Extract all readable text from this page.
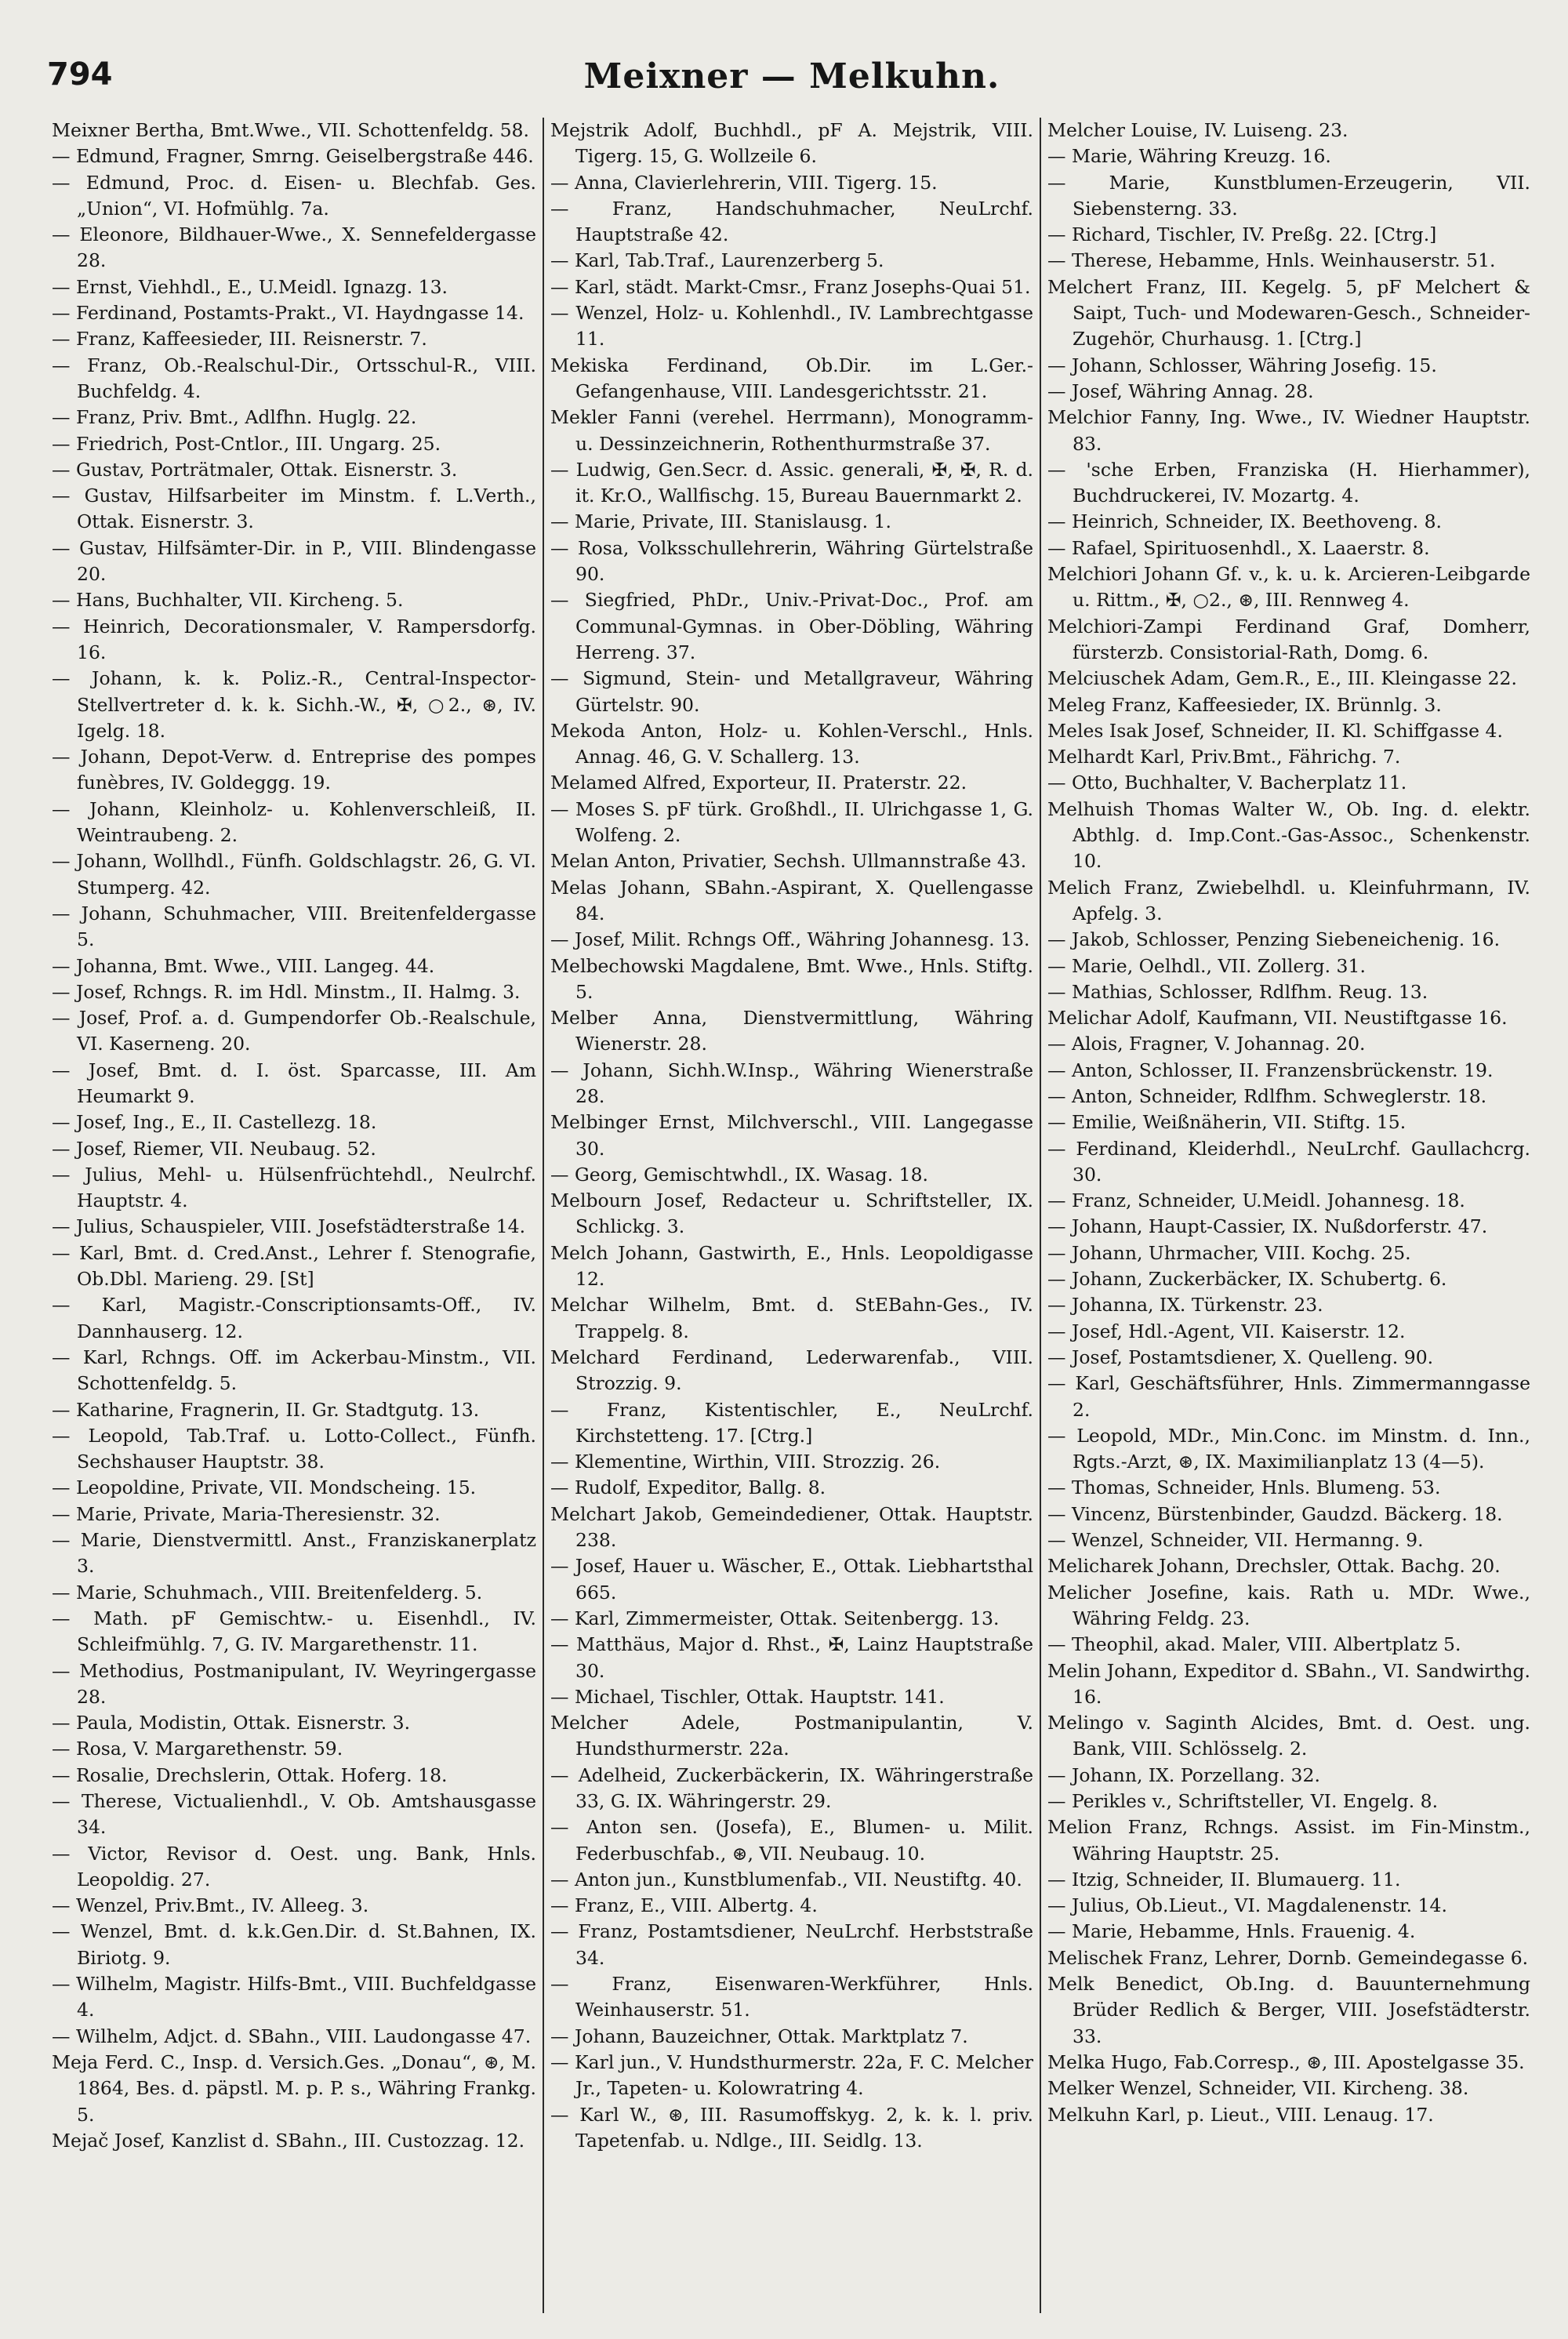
794	Meixner — Melkuhn.

Meixner Bertha, Bmt.Wwe., VII. Schottenfeldg. 58.

— Edmund, Fragner, Smrng. Geiselbergstraße 446.

— Edmund, Proc. d. Eisen- u. Blechfab. Ges. „Union“, VI. Hofmühlg. 7a.

— Eleonore, Bildhauer-Wwe., X. Sennefeldergasse 28.

— Ernst, Viehhdl., E., U.Meidl. Ignazg. 13.

— Ferdinand, Postamts-Prakt., VI. Haydngasse 14.

— Franz, Kaffeesieder, III. Reisnerstr. 7.

— Franz, Ob.-Realschul-Dir., Ortsschul-R., VIII. Buchfeldg. 4.

— Franz, Priv. Bmt., Adlfhn. Huglg. 22.

— Friedrich, Post-Cntlor., III. Ungarg. 25.

— Gustav, Porträtmaler, Ottak. Eisnerstr. 3.

— Gustav, Hilfsarbeiter im Minstm. f. L.Verth., Ottak. Eisnerstr. 3.

— Gustav, Hilfsämter-Dir. in P., VIII. Blindengasse 20.

— Hans, Buchhalter, VII. Kircheng. 5.

— Heinrich, Decorationsmaler, V. Rampersdorfg. 16.

— Johann, k. k. Poliz.-R., Central-Inspector-Stellvertreter d. k. k. Sichh.-W., ✠, ○2., ⊛, IV. Igelg. 18.

— Johann, Depot-Verw. d. Entreprise des pompes funèbres, IV. Goldeggg. 19.

— Johann, Kleinholz- u. Kohlenverschleiß, II. Weintraubeng. 2.

— Johann, Wollhdl., Fünfh. Goldschlagstr. 26, G. VI. Stumperg. 42.

— Johann, Schuhmacher, VIII. Breitenfeldergasse 5.

— Johanna, Bmt. Wwe., VIII. Langeg. 44.

— Josef, Rchngs. R. im Hdl. Minstm., II. Halmg. 3.

— Josef, Prof. a. d. Gumpendorfer Ob.-Realschule, VI. Kaserneng. 20.

— Josef, Bmt. d. I. öst. Sparcasse, III. Am Heumarkt 9.

— Josef, Ing., E., II. Castellezg. 18.

— Josef, Riemer, VII. Neubaug. 52.

— Julius, Mehl- u. Hülsenfrüchtehdl., Neulrchf. Hauptstr. 4.

— Julius, Schauspieler, VIII. Josefstädterstraße 14.

— Karl, Bmt. d. Cred.Anst., Lehrer f. Stenografie, Ob.Dbl. Marieng. 29. [St]

— Karl, Magistr.-Conscriptionsamts-Off., IV. Dannhauserg. 12.

— Karl, Rchngs. Off. im Ackerbau-Minstm., VII. Schottenfeldg. 5.

— Katharine, Fragnerin, II. Gr. Stadtgutg. 13.

— Leopold, Tab.Traf. u. Lotto-Collect., Fünfh. Sechshauser Hauptstr. 38.

— Leopoldine, Private, VII. Mondscheing. 15.

— Marie, Private, Maria-Theresienstr. 32.

— Marie, Dienstvermittl. Anst., Franziskanerplatz 3.

— Marie, Schuhmach., VIII. Breitenfelderg. 5.

— Math. pF Gemischtw.- u. Eisenhdl., IV. Schleifmühlg. 7, G. IV. Margarethenstr. 11.

— Methodius, Postmanipulant, IV. Weyringergasse 28.

— Paula, Modistin, Ottak. Eisnerstr. 3.

— Rosa, V. Margarethenstr. 59.

— Rosalie, Drechslerin, Ottak. Hoferg. 18.

— Therese, Victualienhdl., V. Ob. Amtshausgasse 34.

— Victor, Revisor d. Oest. ung. Bank, Hnls. Leopoldig. 27.

— Wenzel, Priv.Bmt., IV. Alleeg. 3.

— Wenzel, Bmt. d. k.k.Gen.Dir. d. St.Bahnen, IX. Biriotg. 9.

— Wilhelm, Magistr. Hilfs-Bmt., VIII. Buchfeldgasse 4.

— Wilhelm, Adjct. d. SBahn., VIII. Laudongasse 47.

Meja Ferd. C., Insp. d. Versich.Ges. „Donau“, ⊛, M. 1864, Bes. d. päpstl. M. p. P. s., Währing Frankg. 5.

Mejač Josef, Kanzlist d. SBahn., III. Custozzag. 12.

Mejstrik Adolf, Buchhdl., pF A. Mejstrik, VIII. Tigerg. 15, G. Wollzeile 6.

— Anna, Clavierlehrerin, VIII. Tigerg. 15.

— Franz, Handschuhmacher, NeuLrchf. Hauptstraße 42.

— Karl, Tab.Traf., Laurenzerberg 5.

— Karl, städt. Markt-Cmsr., Franz Josephs-Quai 51.

— Wenzel, Holz- u. Kohlenhdl., IV. Lambrechtgasse 11.

Mekiska Ferdinand, Ob.Dir. im L.Ger.-Gefangenhause, VIII. Landesgerichtsstr. 21.

Mekler Fanni (verehel. Herrmann), Monogramm- u. Dessinzeichnerin, Rothenthurmstraße 37.

— Ludwig, Gen.Secr. d. Assic. generali, ✠, ✠, R. d. it. Kr.O., Wallfischg. 15, Bureau Bauernmarkt 2.

— Marie, Private, III. Stanislausg. 1.

— Rosa, Volksschullehrerin, Währing Gürtelstraße 90.

— Siegfried, PhDr., Univ.-Privat-Doc., Prof. am Communal-Gymnas. in Ober-Döbling, Währing Herreng. 37.

— Sigmund, Stein- und Metallgraveur, Währing Gürtelstr. 90.

Mekoda Anton, Holz- u. Kohlen-Verschl., Hnls. Annag. 46, G. V. Schallerg. 13.

Melamed Alfred, Exporteur, II. Praterstr. 22.

— Moses S. pF türk. Großhdl., II. Ulrichgasse 1, G. Wolfeng. 2.

Melan Anton, Privatier, Sechsh. Ullmannstraße 43.

Melas Johann, SBahn.-Aspirant, X. Quellengasse 84.

— Josef, Milit. Rchngs Off., Währing Johannesg. 13.

Melbechowski Magdalene, Bmt. Wwe., Hnls. Stiftg. 5.

Melber Anna, Dienstvermittlung, Währing Wienerstr. 28.

— Johann, Sichh.W.Insp., Währing Wienerstraße 28.

Melbinger Ernst, Milchverschl., VIII. Langegasse 30.

— Georg, Gemischtwhdl., IX. Wasag. 18.

Melbourn Josef, Redacteur u. Schriftsteller, IX. Schlickg. 3.

Melch Johann, Gastwirth, E., Hnls. Leopoldigasse 12.

Melchar Wilhelm, Bmt. d. StEBahn-Ges., IV. Trappelg. 8.

Melchard Ferdinand, Lederwarenfab., VIII. Strozzig. 9.

— Franz, Kistentischler, E., NeuLrchf. Kirchstetteng. 17. [Ctrg.]

— Klementine, Wirthin, VIII. Strozzig. 26.

— Rudolf, Expeditor, Ballg. 8.

Melchart Jakob, Gemeindediener, Ottak. Hauptstr. 238.

— Josef, Hauer u. Wäscher, E., Ottak. Liebhartsthal 665.

— Karl, Zimmermeister, Ottak. Seitenbergg. 13.

— Matthäus, Major d. Rhst., ✠, Lainz Hauptstraße 30.

— Michael, Tischler, Ottak. Hauptstr. 141.

Melcher Adele, Postmanipulantin, V. Hundsthurmerstr. 22a.

— Adelheid, Zuckerbäckerin, IX. Währingerstraße 33, G. IX. Währingerstr. 29.

— Anton sen. (Josefa), E., Blumen- u. Milit. Federbuschfab., ⊛, VII. Neubaug. 10.

— Anton jun., Kunstblumenfab., VII. Neustiftg. 40.

— Franz, E., VIII. Albertg. 4.

— Franz, Postamtsdiener, NeuLrchf. Herbststraße 34.

— Franz, Eisenwaren-Werkführer, Hnls. Weinhauserstr. 51.

— Johann, Bauzeichner, Ottak. Marktplatz 7.

— Karl jun., V. Hundsthurmerstr. 22a, F. C. Melcher Jr., Tapeten- u. Kolowratring 4.

— Karl W., ⊛, III. Rasumoffskyg. 2, k. k. l. priv. Tapetenfab. u. Ndlge., III. Seidlg. 13.

Melcher Louise, IV. Luiseng. 23.

— Marie, Währing Kreuzg. 16.

— Marie, Kunstblumen-Erzeugerin, VII. Siebensterng. 33.

— Richard, Tischler, IV. Preßg. 22. [Ctrg.]

— Therese, Hebamme, Hnls. Weinhauserstr. 51.

Melchert Franz, III. Kegelg. 5, pF Melchert & Saipt, Tuch- und Modewaren-Gesch., Schneider-Zugehör, Churhausg. 1. [Ctrg.]

— Johann, Schlosser, Währing Josefig. 15.

— Josef, Währing Annag. 28.

Melchior Fanny, Ing. Wwe., IV. Wiedner Hauptstr. 83.

— 'sche Erben, Franziska (H. Hierhammer), Buchdruckerei, IV. Mozartg. 4.

— Heinrich, Schneider, IX. Beethoveng. 8.

— Rafael, Spirituosenhdl., X. Laaerstr. 8.

Melchiori Johann Gf. v., k. u. k. Arcieren-Leibgarde u. Rittm., ✠, ○2., ⊛, III. Rennweg 4.

Melchiori-Zampi Ferdinand Graf, Domherr, fürsterzb. Consistorial-Rath, Domg. 6.

Melciuschek Adam, Gem.R., E., III. Kleingasse 22.

Meleg Franz, Kaffeesieder, IX. Brünnlg. 3.

Meles Isak Josef, Schneider, II. Kl. Schiffgasse 4.

Melhardt Karl, Priv.Bmt., Fährichg. 7.

— Otto, Buchhalter, V. Bacherplatz 11.

Melhuish Thomas Walter W., Ob. Ing. d. elektr. Abthlg. d. Imp.Cont.-Gas-Assoc., Schenkenstr. 10.

Melich Franz, Zwiebelhdl. u. Kleinfuhrmann, IV. Apfelg. 3.

— Jakob, Schlosser, Penzing Siebeneichenig. 16.

— Marie, Oelhdl., VII. Zollerg. 31.

— Mathias, Schlosser, Rdlfhm. Reug. 13.

Melichar Adolf, Kaufmann, VII. Neustiftgasse 16.

— Alois, Fragner, V. Johannag. 20.

— Anton, Schlosser, II. Franzensbrückenstr. 19.

— Anton, Schneider, Rdlfhm. Schweglerstr. 18.

— Emilie, Weißnäherin, VII. Stiftg. 15.

— Ferdinand, Kleiderhdl., NeuLrchf. Gaullachcrg. 30.

— Franz, Schneider, U.Meidl. Johannesg. 18.

— Johann, Haupt-Cassier, IX. Nußdorferstr. 47.

— Johann, Uhrmacher, VIII. Kochg. 25.

— Johann, Zuckerbäcker, IX. Schubertg. 6.

— Johanna, IX. Türkenstr. 23.

— Josef, Hdl.-Agent, VII. Kaiserstr. 12.

— Josef, Postamtsdiener, X. Quelleng. 90.

— Karl, Geschäftsführer, Hnls. Zimmermanngasse 2.

— Leopold, MDr., Min.Conc. im Minstm. d. Inn., Rgts.-Arzt, ⊛, IX. Maximilianplatz 13 (4—5).

— Thomas, Schneider, Hnls. Blumeng. 53.

— Vincenz, Bürstenbinder, Gaudzd. Bäckerg. 18.

— Wenzel, Schneider, VII. Hermanng. 9.

Melicharek Johann, Drechsler, Ottak. Bachg. 20.

Melicher Josefine, kais. Rath u. MDr. Wwe., Währing Feldg. 23.

— Theophil, akad. Maler, VIII. Albertplatz 5.

Melin Johann, Expeditor d. SBahn., VI. Sandwirthg. 16.

Melingo v. Saginth Alcides, Bmt. d. Oest. ung. Bank, VIII. Schlösselg. 2.

— Johann, IX. Porzellang. 32.

— Perikles v., Schriftsteller, VI. Engelg. 8.

Melion Franz, Rchngs. Assist. im Fin-Minstm., Währing Hauptstr. 25.

— Itzig, Schneider, II. Blumauerg. 11.

— Julius, Ob.Lieut., VI. Magdalenenstr. 14.

— Marie, Hebamme, Hnls. Frauenig. 4.

Melischek Franz, Lehrer, Dornb. Gemeindegasse 6.

Melk Benedict, Ob.Ing. d. Bauunternehmung Brüder Redlich & Berger, VIII. Josefstädterstr. 33.

Melka Hugo, Fab.Corresp., ⊛, III. Apostelgasse 35.

Melker Wenzel, Schneider, VII. Kircheng. 38.

Melkuhn Karl, p. Lieut., VIII. Lenaug. 17.
